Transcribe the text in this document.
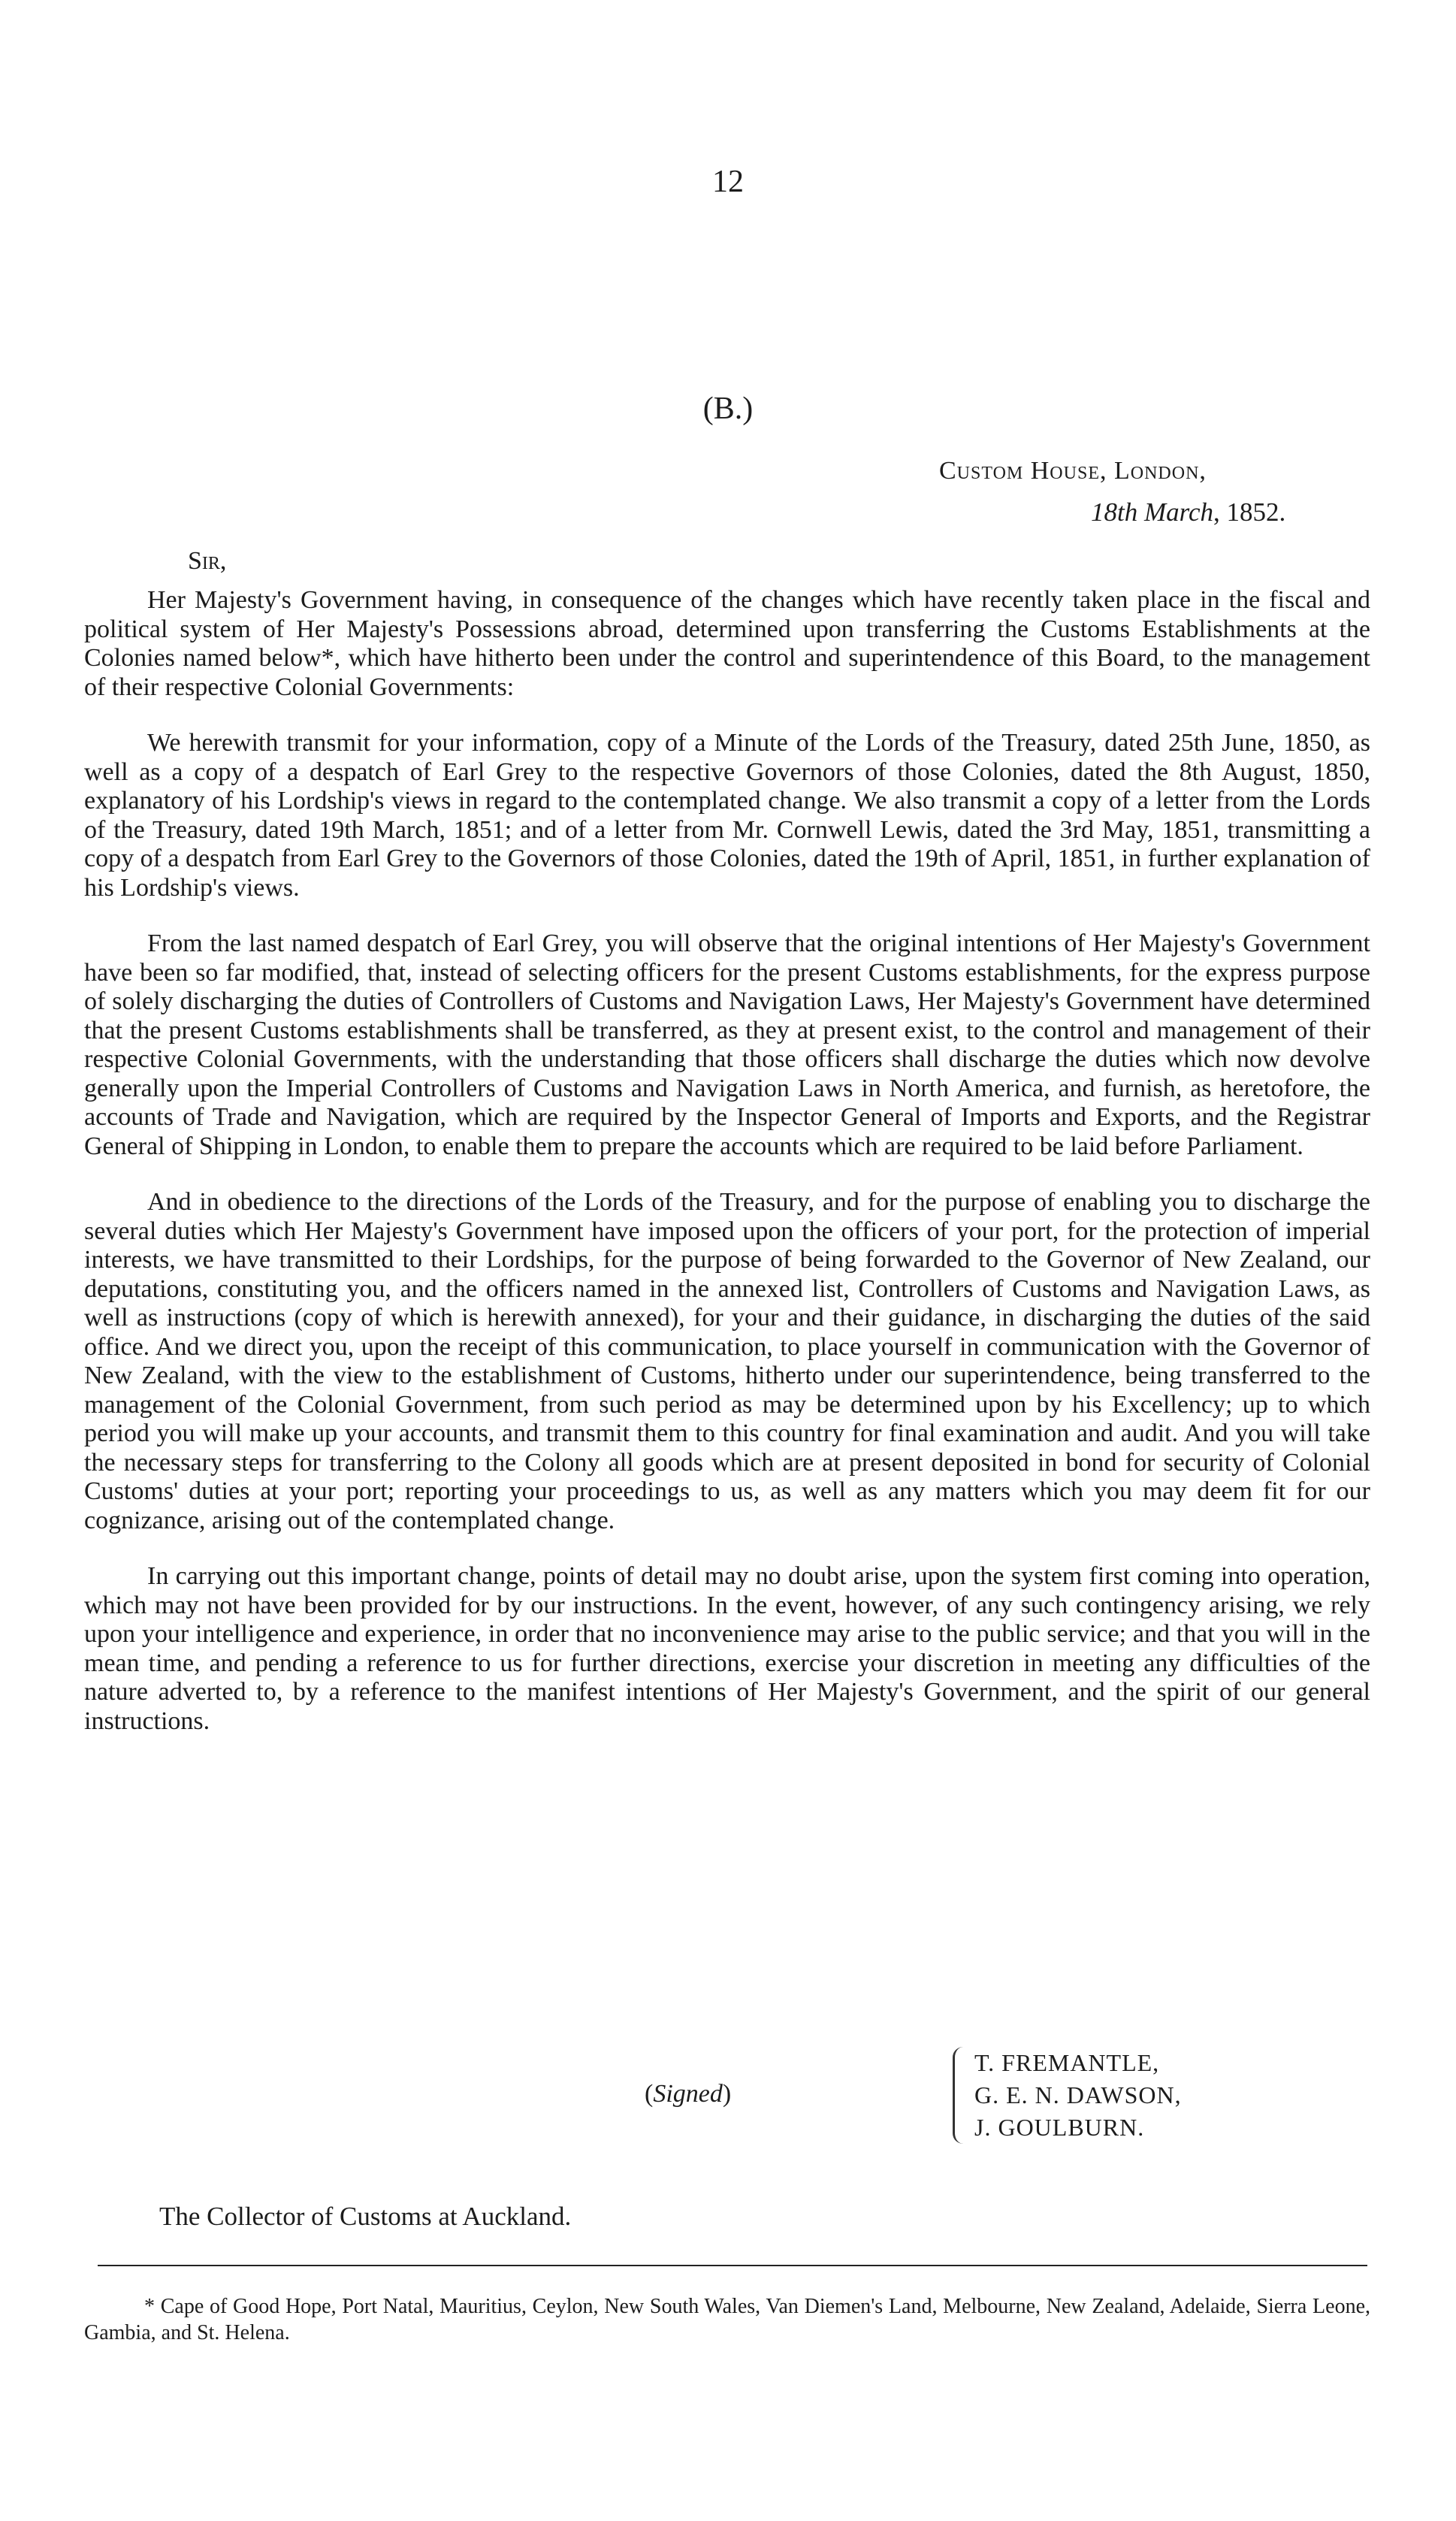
12
(B.)
Custom House, London,
18th March, 1852.
Sir,

Her Majesty's Government having, in consequence of the changes which have recently taken place in the fiscal and political system of Her Majesty's Possessions abroad, determined upon transferring the Customs Establishments at the Colonies named below*, which have hitherto been under the control and superintendence of this Board, to the management of their respective Colonial Governments:

We herewith transmit for your information, copy of a Minute of the Lords of the Treasury, dated 25th June, 1850, as well as a copy of a despatch of Earl Grey to the respective Governors of those Colonies, dated the 8th August, 1850, explanatory of his Lordship's views in regard to the contemplated change. We also transmit a copy of a letter from the Lords of the Treasury, dated 19th March, 1851; and of a letter from Mr. Cornwell Lewis, dated the 3rd May, 1851, transmitting a copy of a despatch from Earl Grey to the Governors of those Colonies, dated the 19th of April, 1851, in further explanation of his Lordship's views.

From the last named despatch of Earl Grey, you will observe that the original intentions of Her Majesty's Government have been so far modified, that, instead of selecting officers for the present Customs establishments, for the express purpose of solely discharging the duties of Controllers of Customs and Navigation Laws, Her Majesty's Government have determined that the present Customs establishments shall be transferred, as they at present exist, to the control and management of their respective Colonial Governments, with the understanding that those officers shall discharge the duties which now devolve generally upon the Imperial Controllers of Customs and Navigation Laws in North America, and furnish, as heretofore, the accounts of Trade and Navigation, which are required by the Inspector General of Imports and Exports, and the Registrar General of Shipping in London, to enable them to prepare the accounts which are required to be laid before Parliament.

And in obedience to the directions of the Lords of the Treasury, and for the purpose of enabling you to discharge the several duties which Her Majesty's Government have imposed upon the officers of your port, for the protection of imperial interests, we have transmitted to their Lordships, for the purpose of being forwarded to the Governor of New Zealand, our deputations, constituting you, and the officers named in the annexed list, Controllers of Customs and Navigation Laws, as well as instructions (copy of which is herewith annexed), for your and their guidance, in discharging the duties of the said office. And we direct you, upon the receipt of this communication, to place yourself in communication with the Governor of New Zealand, with the view to the establishment of Customs, hitherto under our superintendence, being transferred to the management of the Colonial Government, from such period as may be determined upon by his Excellency; up to which period you will make up your accounts, and transmit them to this country for final examination and audit. And you will take the necessary steps for transferring to the Colony all goods which are at present deposited in bond for security of Colonial Customs' duties at your port; reporting your proceedings to us, as well as any matters which you may deem fit for our cognizance, arising out of the contemplated change.

In carrying out this important change, points of detail may no doubt arise, upon the system first coming into operation, which may not have been provided for by our instructions. In the event, however, of any such contingency arising, we rely upon your intelligence and experience, in order that no inconvenience may arise to the public service; and that you will in the mean time, and pending a reference to us for further directions, exercise your discretion in meeting any difficulties of the nature adverted to, by a reference to the manifest intentions of Her Majesty's Government, and the spirit of our general instructions.

(Signed)
T. FREMANTLE,
G. E. N. DAWSON,
J. GOULBURN.
The Collector of Customs at Auckland.

* Cape of Good Hope, Port Natal, Mauritius, Ceylon, New South Wales, Van Diemen's Land, Melbourne, New Zealand, Adelaide, Sierra Leone, Gambia, and St. Helena.
